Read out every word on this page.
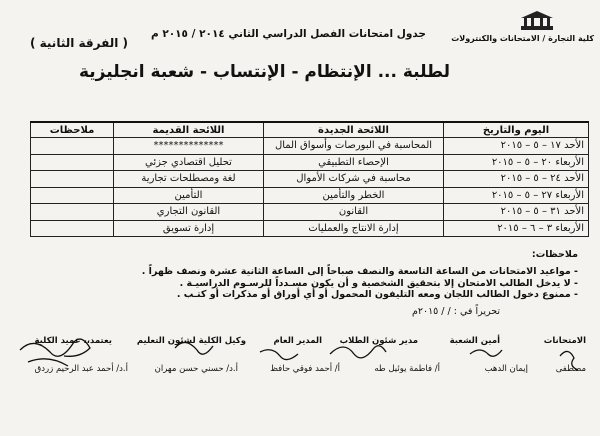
كلية التجارة / الامتحانات والكنترولات
جدول امتحانات الفصل الدراسي الثاني ٢٠١٤ / ٢٠١٥ م
( الفرقة الثانية )
لطلبة ... الإنتظام - الإنتساب - شعبة انجليزية
اليوم والتاريخ	اللائحة الجديدة	اللائحة القديمة	ملاحظات
الأحد ١٧ – ٥ – ٢٠١٥	المحاسبة في البورصات وأسواق المال	**************	
الأربعاء ٢٠ – ٥ – ٢٠١٥	الإحصاء التطبيقي	تحليل اقتصادي جزئي	
الأحد ٢٤ – ٥ – ٢٠١٥	محاسبة في شركات الأموال	لغة ومصطلحات تجارية	
الأربعاء ٢٧ – ٥ – ٢٠١٥	الخطر والتأمين	التأمين	
الأحد ٣١ – ٥ – ٢٠١٥	القانون	القانون التجاري	
الأربعاء ٣ – ٦ – ٢٠١٥	إدارة الانتاج والعمليات	إدارة تسويق	
ملاحظات:
- مواعيد الامتحانات من الساعة التاسعة والنصف صباحاً إلى الساعة الثانية عشرة ونصف ظهراً .
- لا يدخل الطالب الامتحان إلا بتحقيق الشخصية و أن يكون مسـدداً للرسـوم الدراسيـة .
- ممنوع دخول الطالب اللجان ومعه التليفون المحمول أو أي أوراق أو مذكرات أو كتـب .
تحريراً في : / / ٢٠١٥م
الامتحانات
أمين الشعبة
مدير شئون الطلاب
المدير العام
وكيل الكلية لشئون التعليم
يعتمد،، عميد الكلية
مصطفى
إيمان الدهب
أ/ فاطمة يوئيل طه
أ/ أحمد فوقي حافظ
أ.د/ حسني حسن مهران
أ.د/ أحمد عبد الرحيم زردق
